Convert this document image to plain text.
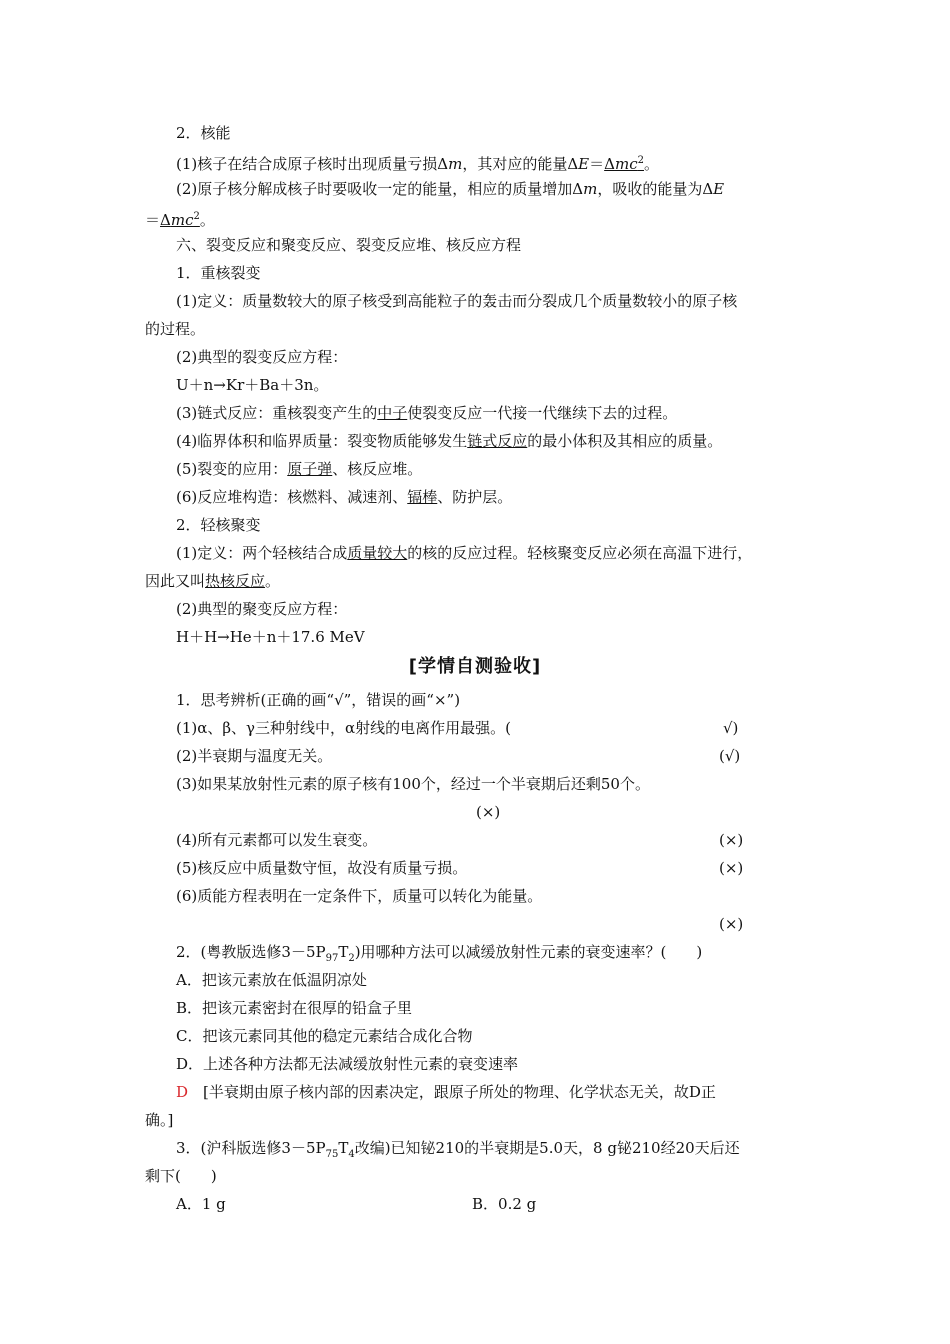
2．核能
(1)核子在结合成原子核时出现质量亏损Δm，其对应的能量ΔE＝Δmc$^2$。
(2)原子核分解成核子时要吸收一定的能量，相应的质量增加Δm，吸收的能量为ΔE
＝Δmc$^2$。
六、裂变反应和聚变反应、裂变反应堆、核反应方程
1．重核裂变
(1)定义：质量数较大的原子核受到高能粒子的轰击而分裂成几个质量数较小的原子核
的过程。
(2)典型的裂变反应方程：
U＋n→Kr＋Ba＋3n。
(3)链式反应：重核裂变产生的中子使裂变反应一代接一代继续下去的过程。
(4)临界体积和临界质量：裂变物质能够发生链式反应的最小体积及其相应的质量。
(5)裂变的应用：原子弹、核反应堆。
(6)反应堆构造：核燃料、减速剂、镉棒、防护层。
2．轻核聚变
(1)定义：两个轻核结合成质量较大的核的反应过程。轻核聚变反应必须在高温下进行，
因此又叫热核反应。
(2)典型的聚变反应方程：
H＋H→He＋n＋17.6 MeV
[学情自测验收]
1．思考辨析(正确的画“√”，错误的画“×”)
(1)α、β、γ三种射线中，α射线的电离作用最强。(	√)
(2)半衰期与温度无关。	(√)
(3)如果某放射性元素的原子核有100个，经过一个半衰期后还剩50个。
(×)
(4)所有元素都可以发生衰变。	(×)
(5)核反应中质量数守恒，故没有质量亏损。	(×)
(6)质能方程表明在一定条件下，质量可以转化为能量。
(×)
2．(粤教版选修$3-5P_{97}T_2$)用哪种方法可以减缓放射性元素的衰变速率？(　　)
A．把该元素放在低温阴凉处
B．把该元素密封在很厚的铅盒子里
C．把该元素同其他的稳定元素结合成化合物
D．上述各种方法都无法减缓放射性元素的衰变速率
D　[半衰期由原子核内部的因素决定，跟原子所处的物理、化学状态无关，故D正
确。]
3．(沪科版选修$3-5P_{75}T_4$改编)已知铋210的半衰期是5.0天，8 g铋210经20天后还
剩下(　　)
A．1 g	B．0.2 g
